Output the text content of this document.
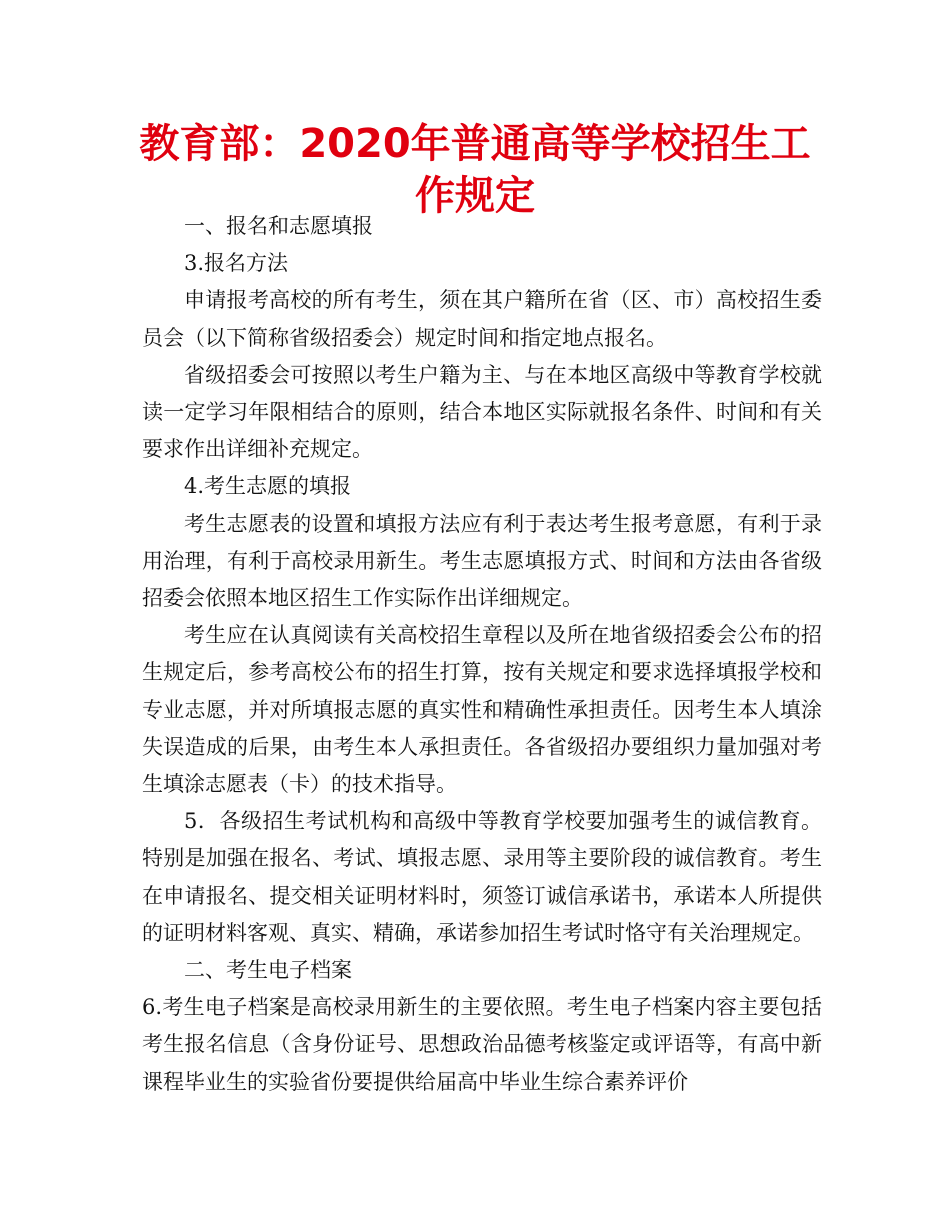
教育部：2020年普通高等学校招生工作规定

一、报名和志愿填报

3.报名方法

申请报考高校的所有考生，须在其户籍所在省（区、市）高校招生委员会（以下简称省级招委会）规定时间和指定地点报名。

省级招委会可按照以考生户籍为主、与在本地区高级中等教育学校就读一定学习年限相结合的原则，结合本地区实际就报名条件、时间和有关要求作出详细补充规定。

4.考生志愿的填报

考生志愿表的设置和填报方法应有利于表达考生报考意愿，有利于录用治理，有利于高校录用新生。考生志愿填报方式、时间和方法由各省级招委会依照本地区招生工作实际作出详细规定。

考生应在认真阅读有关高校招生章程以及所在地省级招委会公布的招生规定后，参考高校公布的招生打算，按有关规定和要求选择填报学校和专业志愿，并对所填报志愿的真实性和精确性承担责任。因考生本人填涂失误造成的后果，由考生本人承担责任。各省级招办要组织力量加强对考生填涂志愿表（卡）的技术指导。

5．各级招生考试机构和高级中等教育学校要加强考生的诚信教育。特别是加强在报名、考试、填报志愿、录用等主要阶段的诚信教育。考生在申请报名、提交相关证明材料时，须签订诚信承诺书，承诺本人所提供的证明材料客观、真实、精确，承诺参加招生考试时恪守有关治理规定。

二、考生电子档案

6.考生电子档案是高校录用新生的主要依照。考生电子档案内容主要包括考生报名信息（含身份证号、思想政治品德考核鉴定或评语等，有高中新课程毕业生的实验省份要提供给届高中毕业生综合素养评价
